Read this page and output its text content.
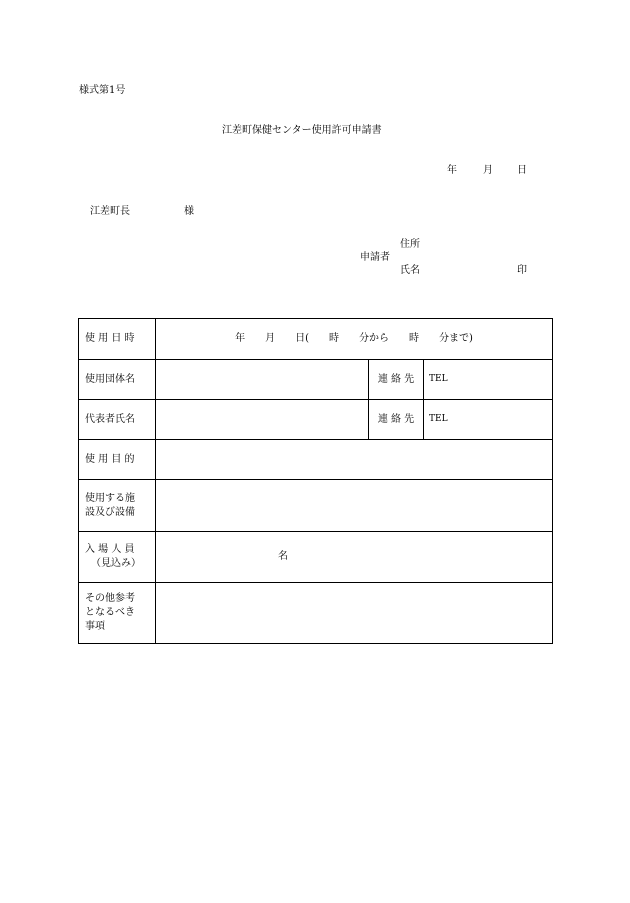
様式第1号
江差町保健センター使用許可申請書
年	月 日
江差町長	様
住所
申請者
氏名	印
使 用 日 時	年　　月　　日(　　時　　分から　　時　　分まで)		
使用団体名		連 絡 先	TEL
代表者氏名		連 絡 先	TEL
使 用 目 的			

使用する施
設及び設備			

入 場 人 員
（見込み）	名		

その他参考
となるべき
事項			
